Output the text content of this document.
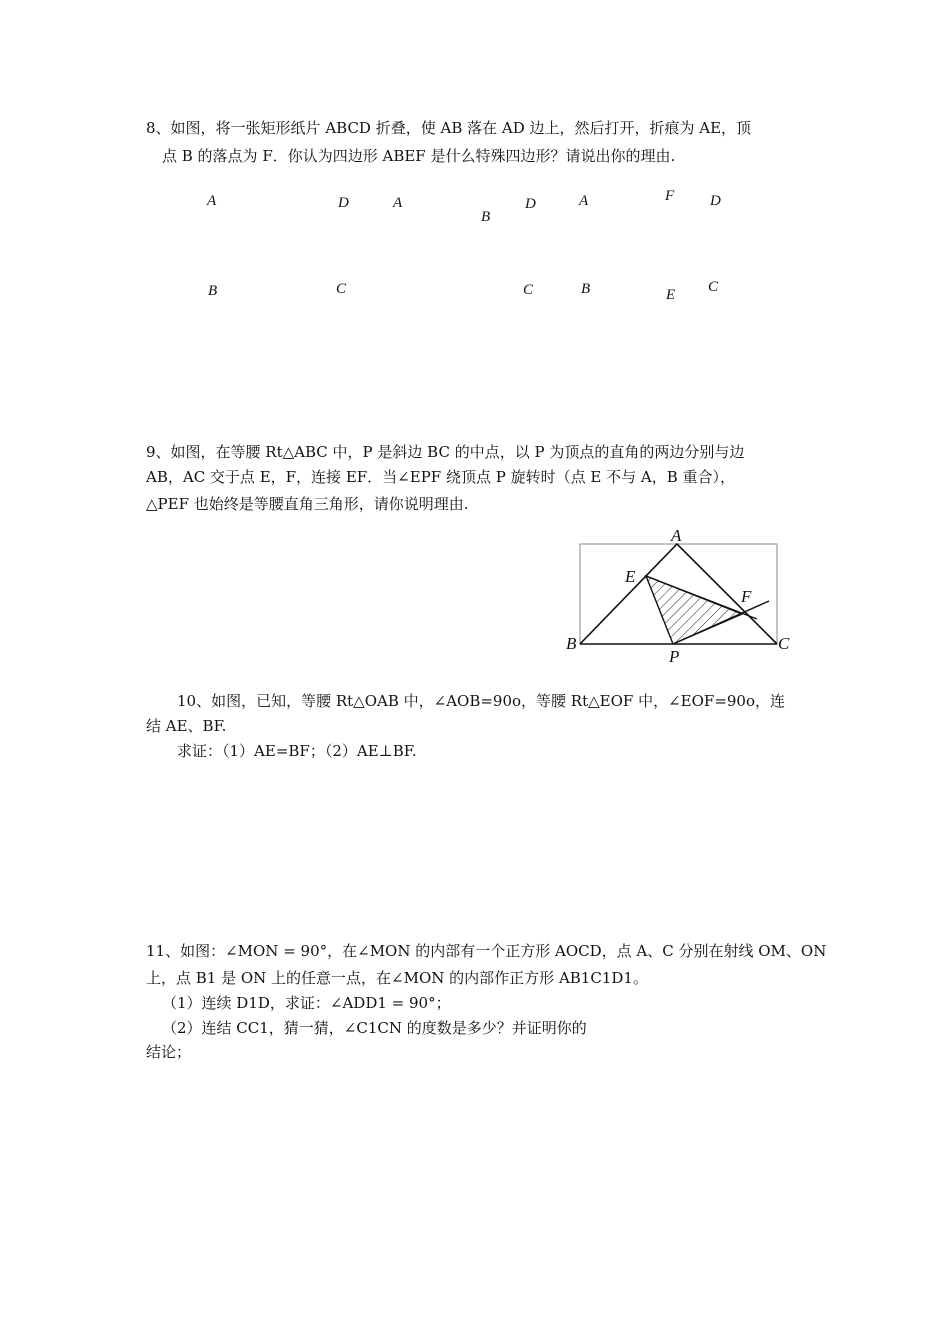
8、如图，将一张矩形纸片 ABCD 折叠，使 AB 落在 AD 边上，然后打开，折痕为 AE，顶
点 B 的落点为 F．你认为四边形 ABEF 是什么特殊四边形？请说出你的理由.
A	D	A
B
D	A	F D
B	C	C	B	E C
9、如图，在等腰 Rt△ABC 中，P 是斜边 BC 的中点，以 P 为顶点的直角的两边分别与边
AB，AC 交于点 E，F，连接 EF．当∠EPF 绕顶点 P 旋转时（点 E 不与 A，B 重合），
△PEF 也始终是等腰直角三角形，请你说明理由.
A
E
F
B
P
C
10、如图，已知，等腰 Rt△OAB 中，∠AOB=90o，等腰 Rt△EOF 中，∠EOF=90o，连
结 AE、BF.
求证：（1）AE=BF；（2）AE⊥BF.
11、如图：∠MON = 90°，在∠MON 的内部有一个正方形 AOCD，点 A、C 分别在射线 OM、ON
上，点 B1 是 ON 上的任意一点，在∠MON 的内部作正方形 AB1C1D1。
（1）连续 D1D，求证：∠ADD1 = 90°；
（2）连结 CC1，猜一猜，∠C1CN 的度数是多少？并证明你的
结论；
